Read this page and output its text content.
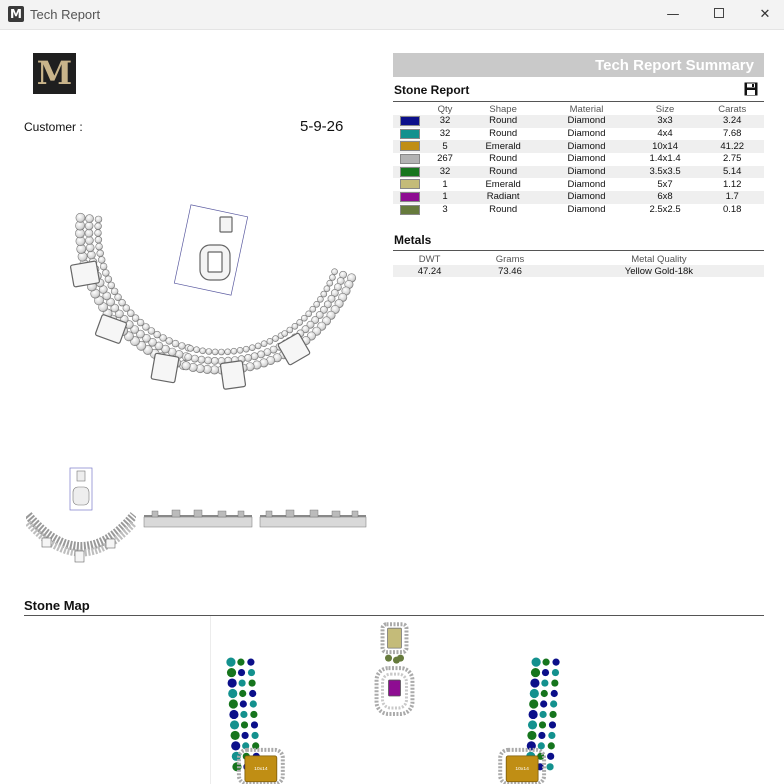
M Tech Report	—	✕
M
Customer :	5-9-26
Tech Report Summary
Stone Report
	Qty	Shape	Material	Size	Carats
	32	Round	Diamond	3x3	3.24
	32	Round	Diamond	4x4	7.68
	5	Emerald	Diamond	10x14	41.22
	267	Round	Diamond	1.4x1.4	2.75
	32	Round	Diamond	3.5x3.5	5.14
	1	Emerald	Diamond	5x7	1.12
	1	Radiant	Diamond	6x8	1.7
	3	Round	Diamond	2.5x2.5	0.18
Metals
DWT	Grams	Metal Quality
47.24	73.46	Yellow Gold-18k
Stone Map
10x14	10x14
